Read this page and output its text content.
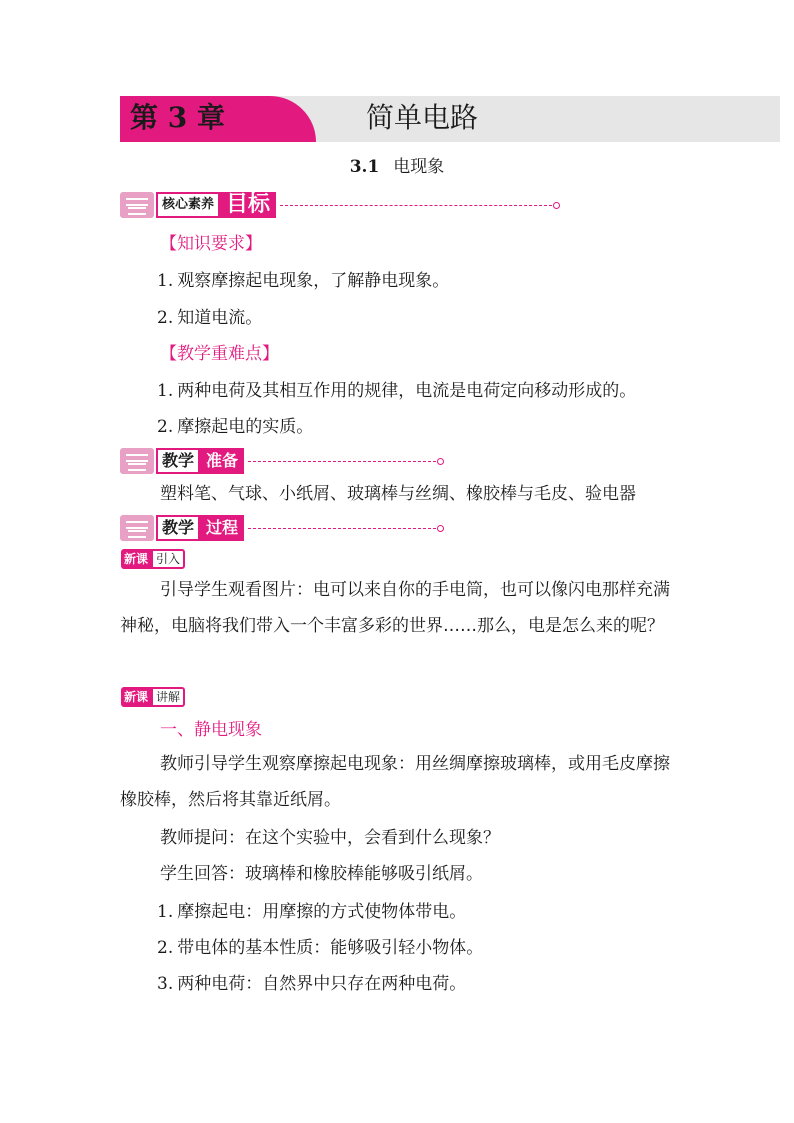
第 3 章	简单电路
3.1 电现象
核心素养 目标
【知识要求】
1. 观察摩擦起电现象，了解静电现象。
2. 知道电流。
【教学重难点】
1. 两种电荷及其相互作用的规律，电流是电荷定向移动形成的。
2. 摩擦起电的实质。
教学 准备
塑料笔、气球、小纸屑、玻璃棒与丝绸、橡胶棒与毛皮、验电器
教学 过程
新课 引入
引导学生观看图片：电可以来自你的手电筒，也可以像闪电那样充满神秘，电脑将我们带入一个丰富多彩的世界……那么，电是怎么来的呢？
新课 讲解
一、静电现象
教师引导学生观察摩擦起电现象：用丝绸摩擦玻璃棒，或用毛皮摩擦橡胶棒，然后将其靠近纸屑。
教师提问：在这个实验中，会看到什么现象？
学生回答：玻璃棒和橡胶棒能够吸引纸屑。
1. 摩擦起电：用摩擦的方式使物体带电。
2. 带电体的基本性质：能够吸引轻小物体。
3. 两种电荷：自然界中只存在两种电荷。
